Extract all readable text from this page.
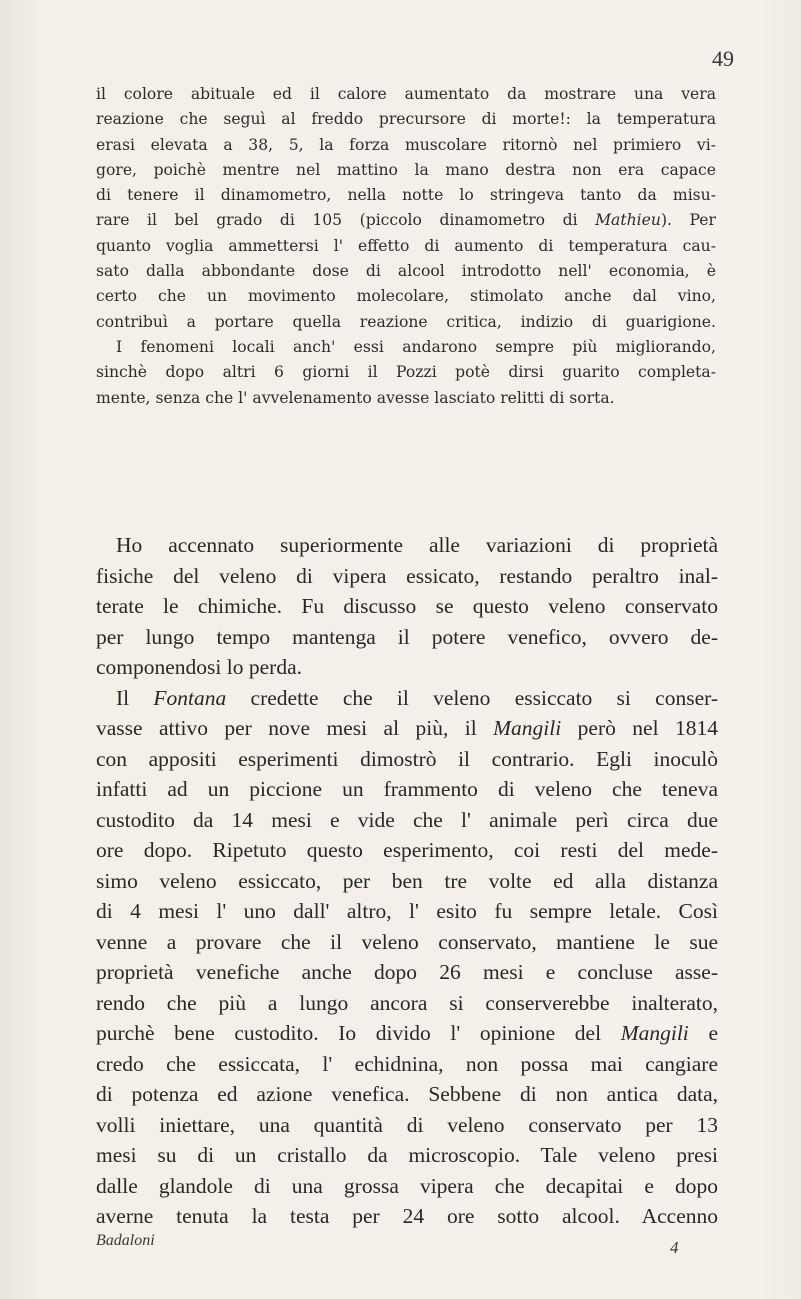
49
il colore abituale ed il calore aumentato da mostrare una vera
reazione che seguì al freddo precursore di morte!: la temperatura
erasi elevata a 38, 5, la forza muscolare ritornò nel primiero vi-
gore, poichè mentre nel mattino la mano destra non era capace
di tenere il dinamometro, nella notte lo stringeva tanto da misu-
rare il bel grado di 105 (piccolo dinamometro di Mathieu). Per
quanto voglia ammettersi l' effetto di aumento di temperatura cau-
sato dalla abbondante dose di alcool introdotto nell' economia, è
certo che un movimento molecolare, stimolato anche dal vino,
contribuì a portare quella reazione critica, indizio di guarigione.
I fenomeni locali anch' essi andarono sempre più migliorando,
sinchè dopo altri 6 giorni il Pozzi potè dirsi guarito completa-
mente, senza che l' avvelenamento avesse lasciato relitti di sorta.
Ho accennato superiormente alle variazioni di proprietà
fisiche del veleno di vipera essicato, restando peraltro inal-
terate le chimiche. Fu discusso se questo veleno conservato
per lungo tempo mantenga il potere venefico, ovvero de-
componendosi lo perda.
Il Fontana credette che il veleno essiccato si conser-
vasse attivo per nove mesi al più, il Mangili però nel 1814
con appositi esperimenti dimostrò il contrario. Egli inoculò
infatti ad un piccione un frammento di veleno che teneva
custodito da 14 mesi e vide che l' animale perì circa due
ore dopo. Ripetuto questo esperimento, coi resti del mede-
simo veleno essiccato, per ben tre volte ed alla distanza
di 4 mesi l' uno dall' altro, l' esito fu sempre letale. Così
venne a provare che il veleno conservato, mantiene le sue
proprietà venefiche anche dopo 26 mesi e concluse asse-
rendo che più a lungo ancora si conserverebbe inalterato,
purchè bene custodito. Io divido l' opinione del Mangili e
credo che essiccata, l' echidnina, non possa mai cangiare
di potenza ed azione venefica. Sebbene di non antica data,
volli iniettare, una quantità di veleno conservato per 13
mesi su di un cristallo da microscopio. Tale veleno presi
dalle glandole di una grossa vipera che decapitai e dopo
averne tenuta la testa per 24 ore sotto alcool. Accenno
Badaloni	4
